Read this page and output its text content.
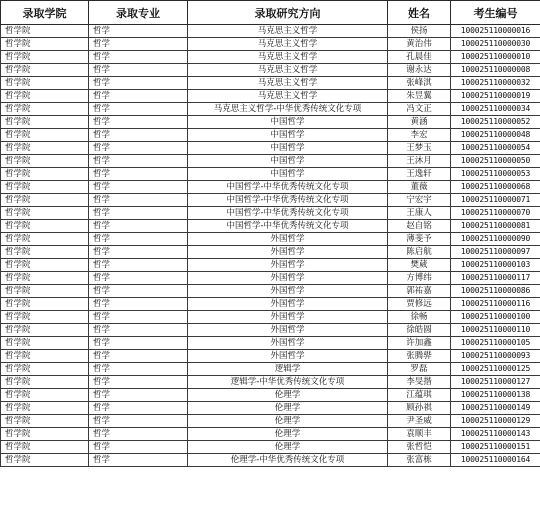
录取学院	录取专业	录取研究方向	姓名	考生编号
哲学院	哲学	马克思主义哲学	侯扬	100025110000016
哲学院	哲学	马克思主义哲学	黄治伟	100025110000030
哲学院	哲学	马克思主义哲学	孔晨佳	100025110000010
哲学院	哲学	马克思主义哲学	谢永达	100025110000008
哲学院	哲学	马克思主义哲学	张峰淇	100025110000032
哲学院	哲学	马克思主义哲学	朱昱翼	100025110000019
哲学院	哲学	马克思主义哲学-中华优秀传统文化专项	冯文正	100025110000034
哲学院	哲学	中国哲学	黄涵	100025110000052
哲学院	哲学	中国哲学	李宏	100025110000048
哲学院	哲学	中国哲学	王梦玉	100025110000054
哲学院	哲学	中国哲学	王沐月	100025110000050
哲学院	哲学	中国哲学	王逸轩	100025110000053
哲学院	哲学	中国哲学-中华优秀传统文化专项	董薇	100025110000068
哲学院	哲学	中国哲学-中华优秀传统文化专项	宁宏宇	100025110000071
哲学院	哲学	中国哲学-中华优秀传统文化专项	王康人	100025110000070
哲学院	哲学	中国哲学-中华优秀传统文化专项	赵自铭	100025110000081
哲学院	哲学	外国哲学	薄斐予	100025110000090
哲学院	哲学	外国哲学	陈启航	100025110000097
哲学院	哲学	外国哲学	樊葳	100025110000103
哲学院	哲学	外国哲学	方博纬	100025110000117
哲学院	哲学	外国哲学	郭祐嘉	100025110000086
哲学院	哲学	外国哲学	贾修远	100025110000116
哲学院	哲学	外国哲学	徐畅	100025110000100
哲学院	哲学	外国哲学	徐皓圆	100025110000110
哲学院	哲学	外国哲学	许加鑫	100025110000105
哲学院	哲学	外国哲学	张腾骅	100025110000093
哲学院	哲学	逻辑学	罗磊	100025110000125
哲学院	哲学	逻辑学-中华优秀传统文化专项	李旻揩	100025110000127
哲学院	哲学	伦理学	江蕴琪	100025110000138
哲学院	哲学	伦理学	顾孙祺	100025110000149
哲学院	哲学	伦理学	尹圣威	100025110000129
哲学院	哲学	伦理学	袁顺丰	100025110000143
哲学院	哲学	伦理学	张哲恺	100025110000151
哲学院	哲学	伦理学-中华优秀传统文化专项	张富栋	100025110000164
